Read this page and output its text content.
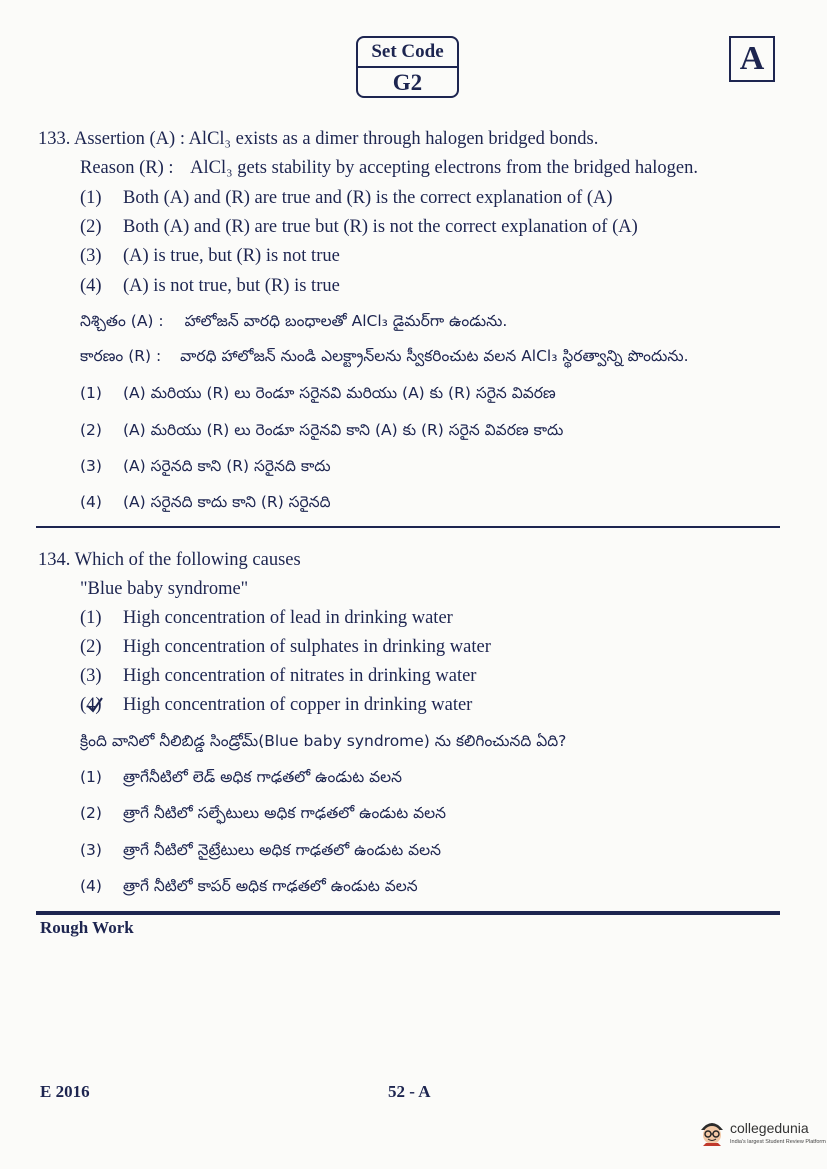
Set Code
G2
A
133. Assertion (A) : AlCl₃ exists as a dimer through halogen bridged bonds.
Reason (R) : AlCl₃ gets stability by accepting electrons from the bridged halogen.
(1) Both (A) and (R) are true and (R) is the correct explanation of (A)
(2) Both (A) and (R) are true but (R) is not the correct explanation of (A)
(3) (A) is true, but (R) is not true
(4) (A) is not true, but (R) is true
నిశ్చితం (A) : హాలోజన్ వారధి బంధాలతో AlCl₃ డైమర్‌గా ఉండును.
కారణం (R) : వారధి హాలోజన్ నుండి ఎలక్ట్రాన్‌లను స్వీకరించుట వలన AlCl₃ స్థిరత్వాన్ని పొందును.
(1) (A) మరియు (R) లు రెండూ సరైనవి మరియు (A) కు (R) సరైన వివరణ
(2) (A) మరియు (R) లు రెండూ సరైనవి కాని (A) కు (R) సరైన వివరణ కాదు
(3) (A) సరైనది కాని (R) సరైనది కాదు
(4) (A) సరైనది కాదు కాని (R) సరైనది
134. Which of the following causes
"Blue baby syndrome"
(1) High concentration of lead in drinking water
(2) High concentration of sulphates in drinking water
(3) High concentration of nitrates in drinking water
(4) High concentration of copper in drinking water
క్రింది వానిలో నీలిబిడ్డ సిండ్రోమ్(Blue baby syndrome) ను కలిగించునది ఏది?
(1) త్రాగేనీటిలో లెడ్ అధిక గాఢతలో ఉండుట వలన
(2) త్రాగే నీటిలో సల్ఫేటులు అధిక గాఢతలో ఉండుట వలన
(3) త్రాగే నీటిలో నైట్రేటులు అధిక గాఢతలో ఉండుట వలన
(4) త్రాగే నీటిలో కాపర్ అధిక గాఢతలో ఉండుట వలన
Rough Work
E 2016	52 - A
collegedunia
India's largest Student Review Platform
